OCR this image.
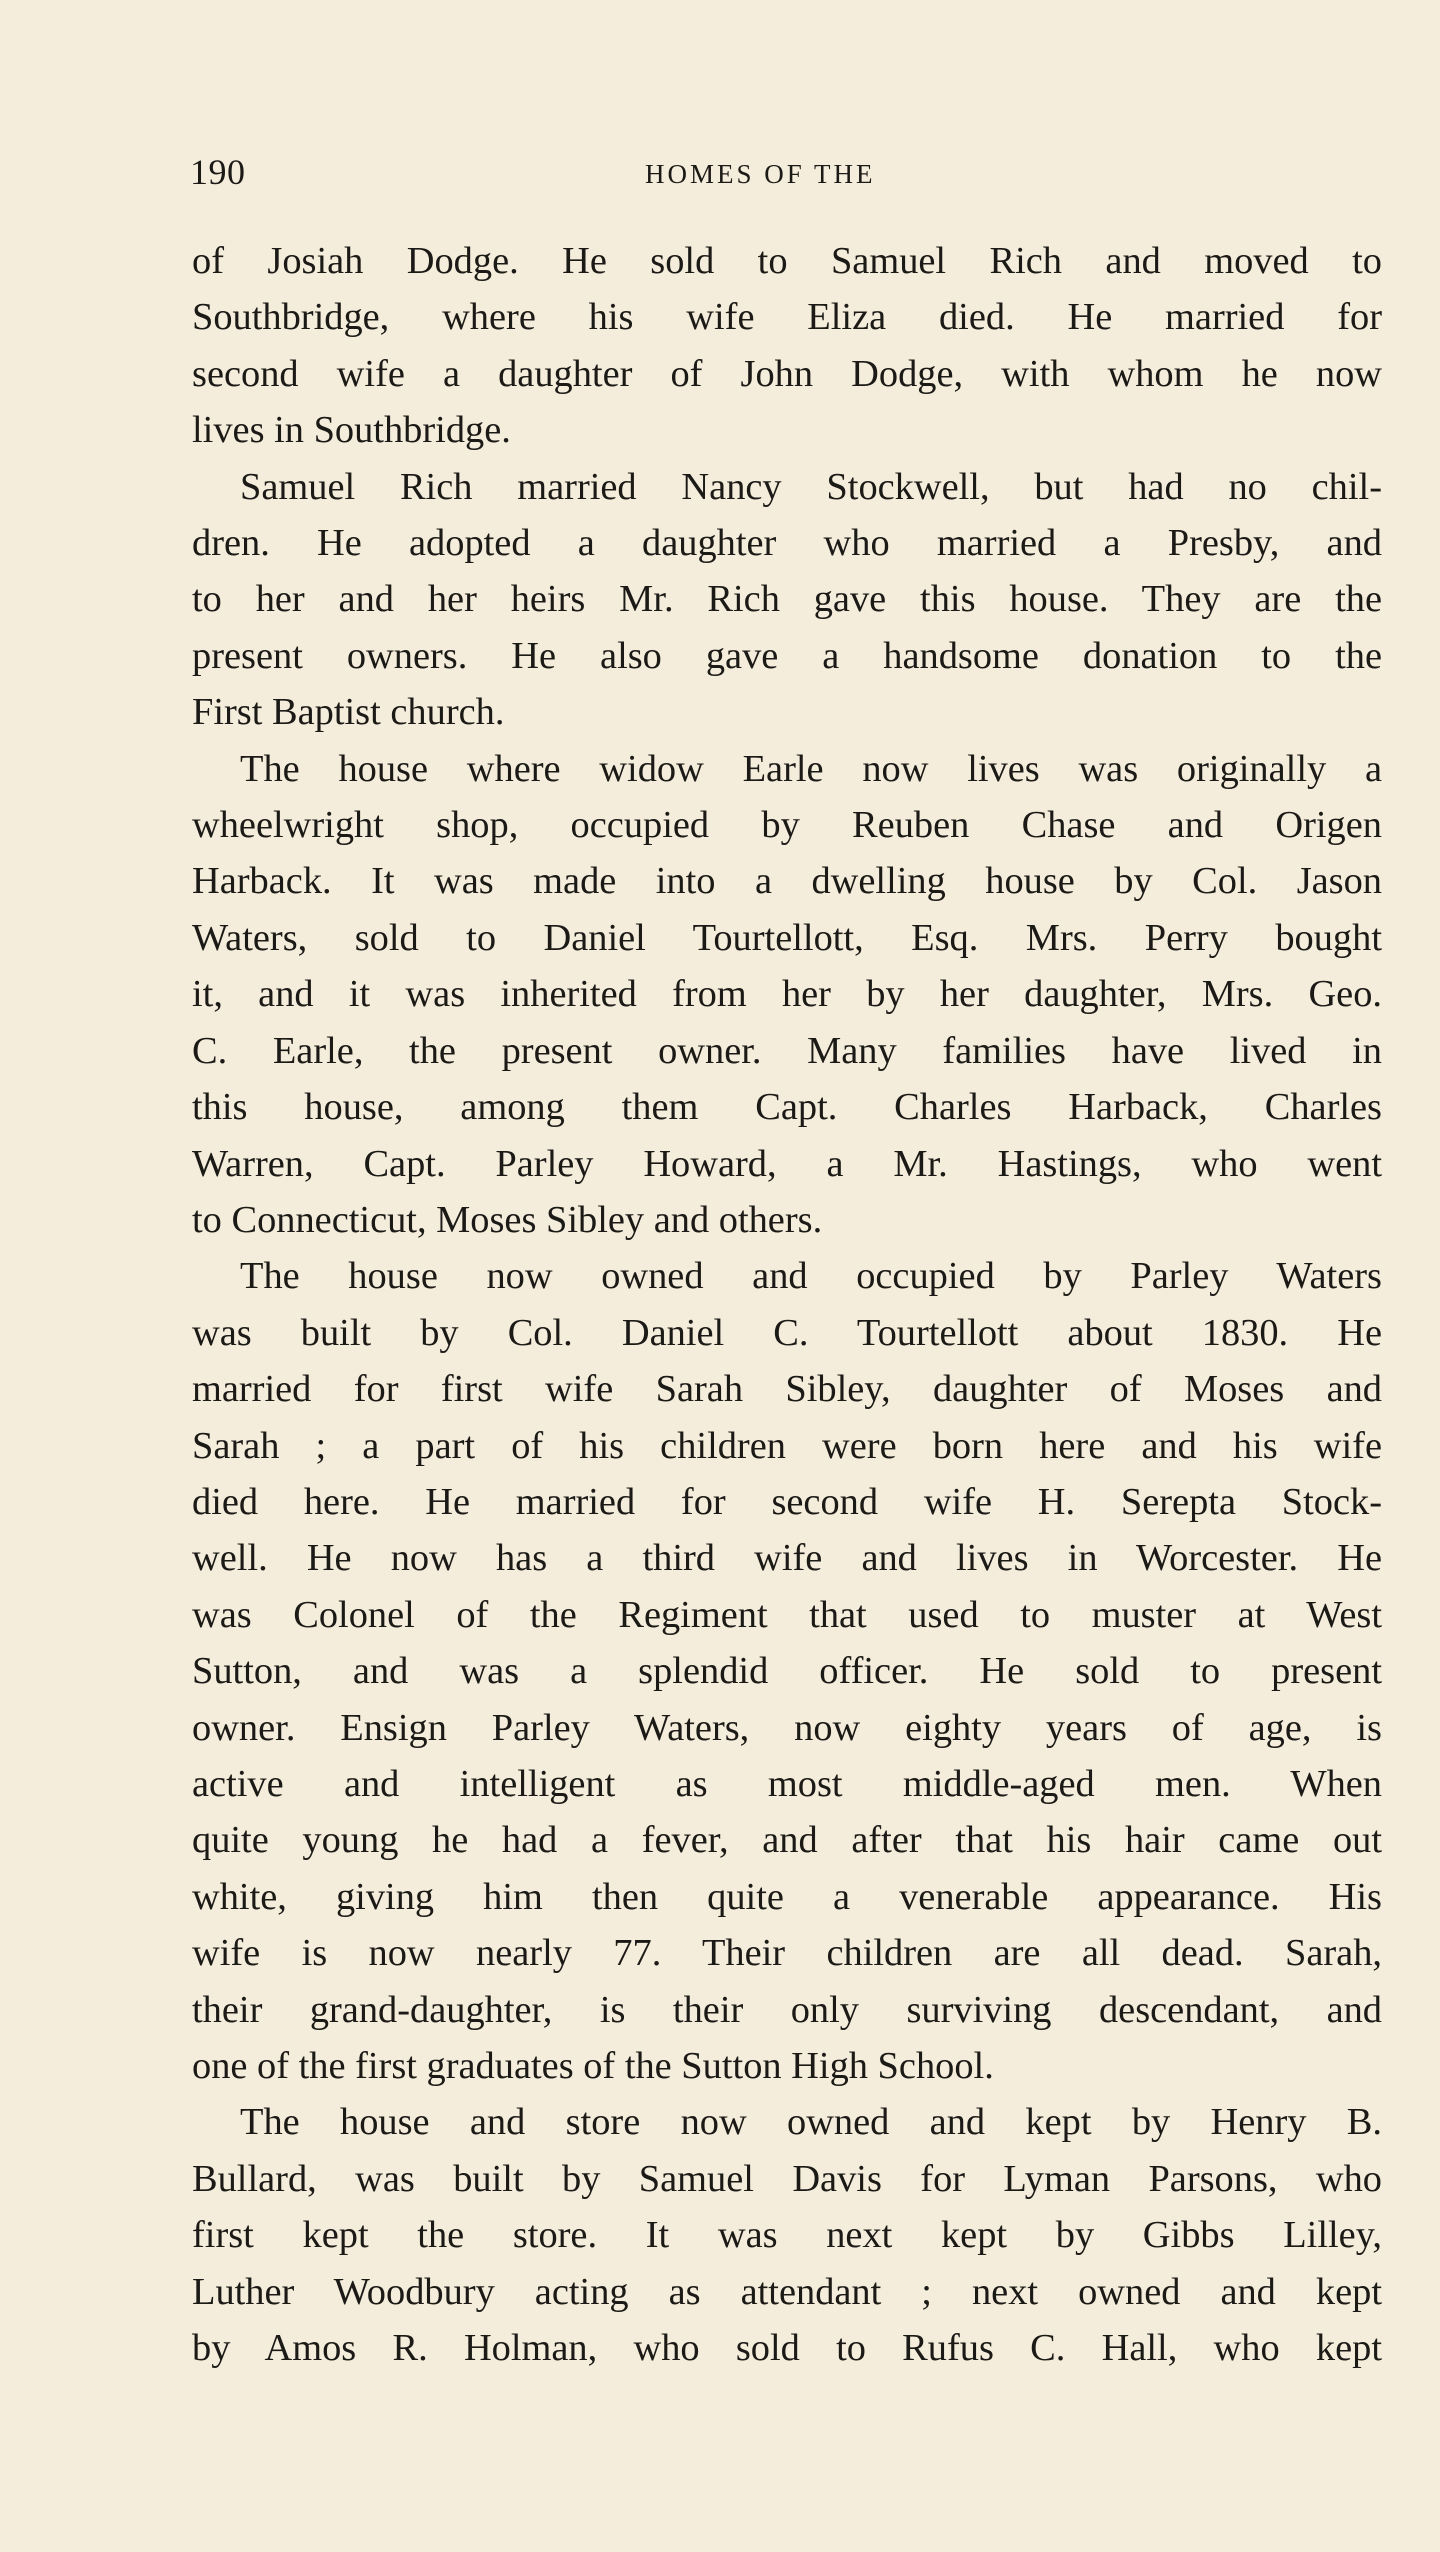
190	HOMES OF THE

of Josiah Dodge. He sold to Samuel Rich and moved to

Southbridge, where his wife Eliza died. He married for

second wife a daughter of John Dodge, with whom he now

lives in Southbridge.

Samuel Rich married Nancy Stockwell, but had no chil-

dren. He adopted a daughter who married a Presby, and

to her and her heirs Mr. Rich gave this house. They are the

present owners. He also gave a handsome donation to the

First Baptist church.

The house where widow Earle now lives was originally a

wheelwright shop, occupied by Reuben Chase and Origen

Harback. It was made into a dwelling house by Col. Jason

Waters, sold to Daniel Tourtellott, Esq. Mrs. Perry bought

it, and it was inherited from her by her daughter, Mrs. Geo.

C. Earle, the present owner. Many families have lived in

this house, among them Capt. Charles Harback, Charles

Warren, Capt. Parley Howard, a Mr. Hastings, who went

to Connecticut, Moses Sibley and others.

The house now owned and occupied by Parley Waters

was built by Col. Daniel C. Tourtellott about 1830. He

married for first wife Sarah Sibley, daughter of Moses and

Sarah ; a part of his children were born here and his wife

died here. He married for second wife H. Serepta Stock-

well. He now has a third wife and lives in Worcester. He

was Colonel of the Regiment that used to muster at West

Sutton, and was a splendid officer. He sold to present

owner. Ensign Parley Waters, now eighty years of age, is

active and intelligent as most middle-aged men. When

quite young he had a fever, and after that his hair came out

white, giving him then quite a venerable appearance. His

wife is now nearly 77. Their children are all dead. Sarah,

their grand-daughter, is their only surviving descendant, and

one of the first graduates of the Sutton High School.

The house and store now owned and kept by Henry B.

Bullard, was built by Samuel Davis for Lyman Parsons, who

first kept the store. It was next kept by Gibbs Lilley,

Luther Woodbury acting as attendant ; next owned and kept

by Amos R. Holman, who sold to Rufus C. Hall, who kept
